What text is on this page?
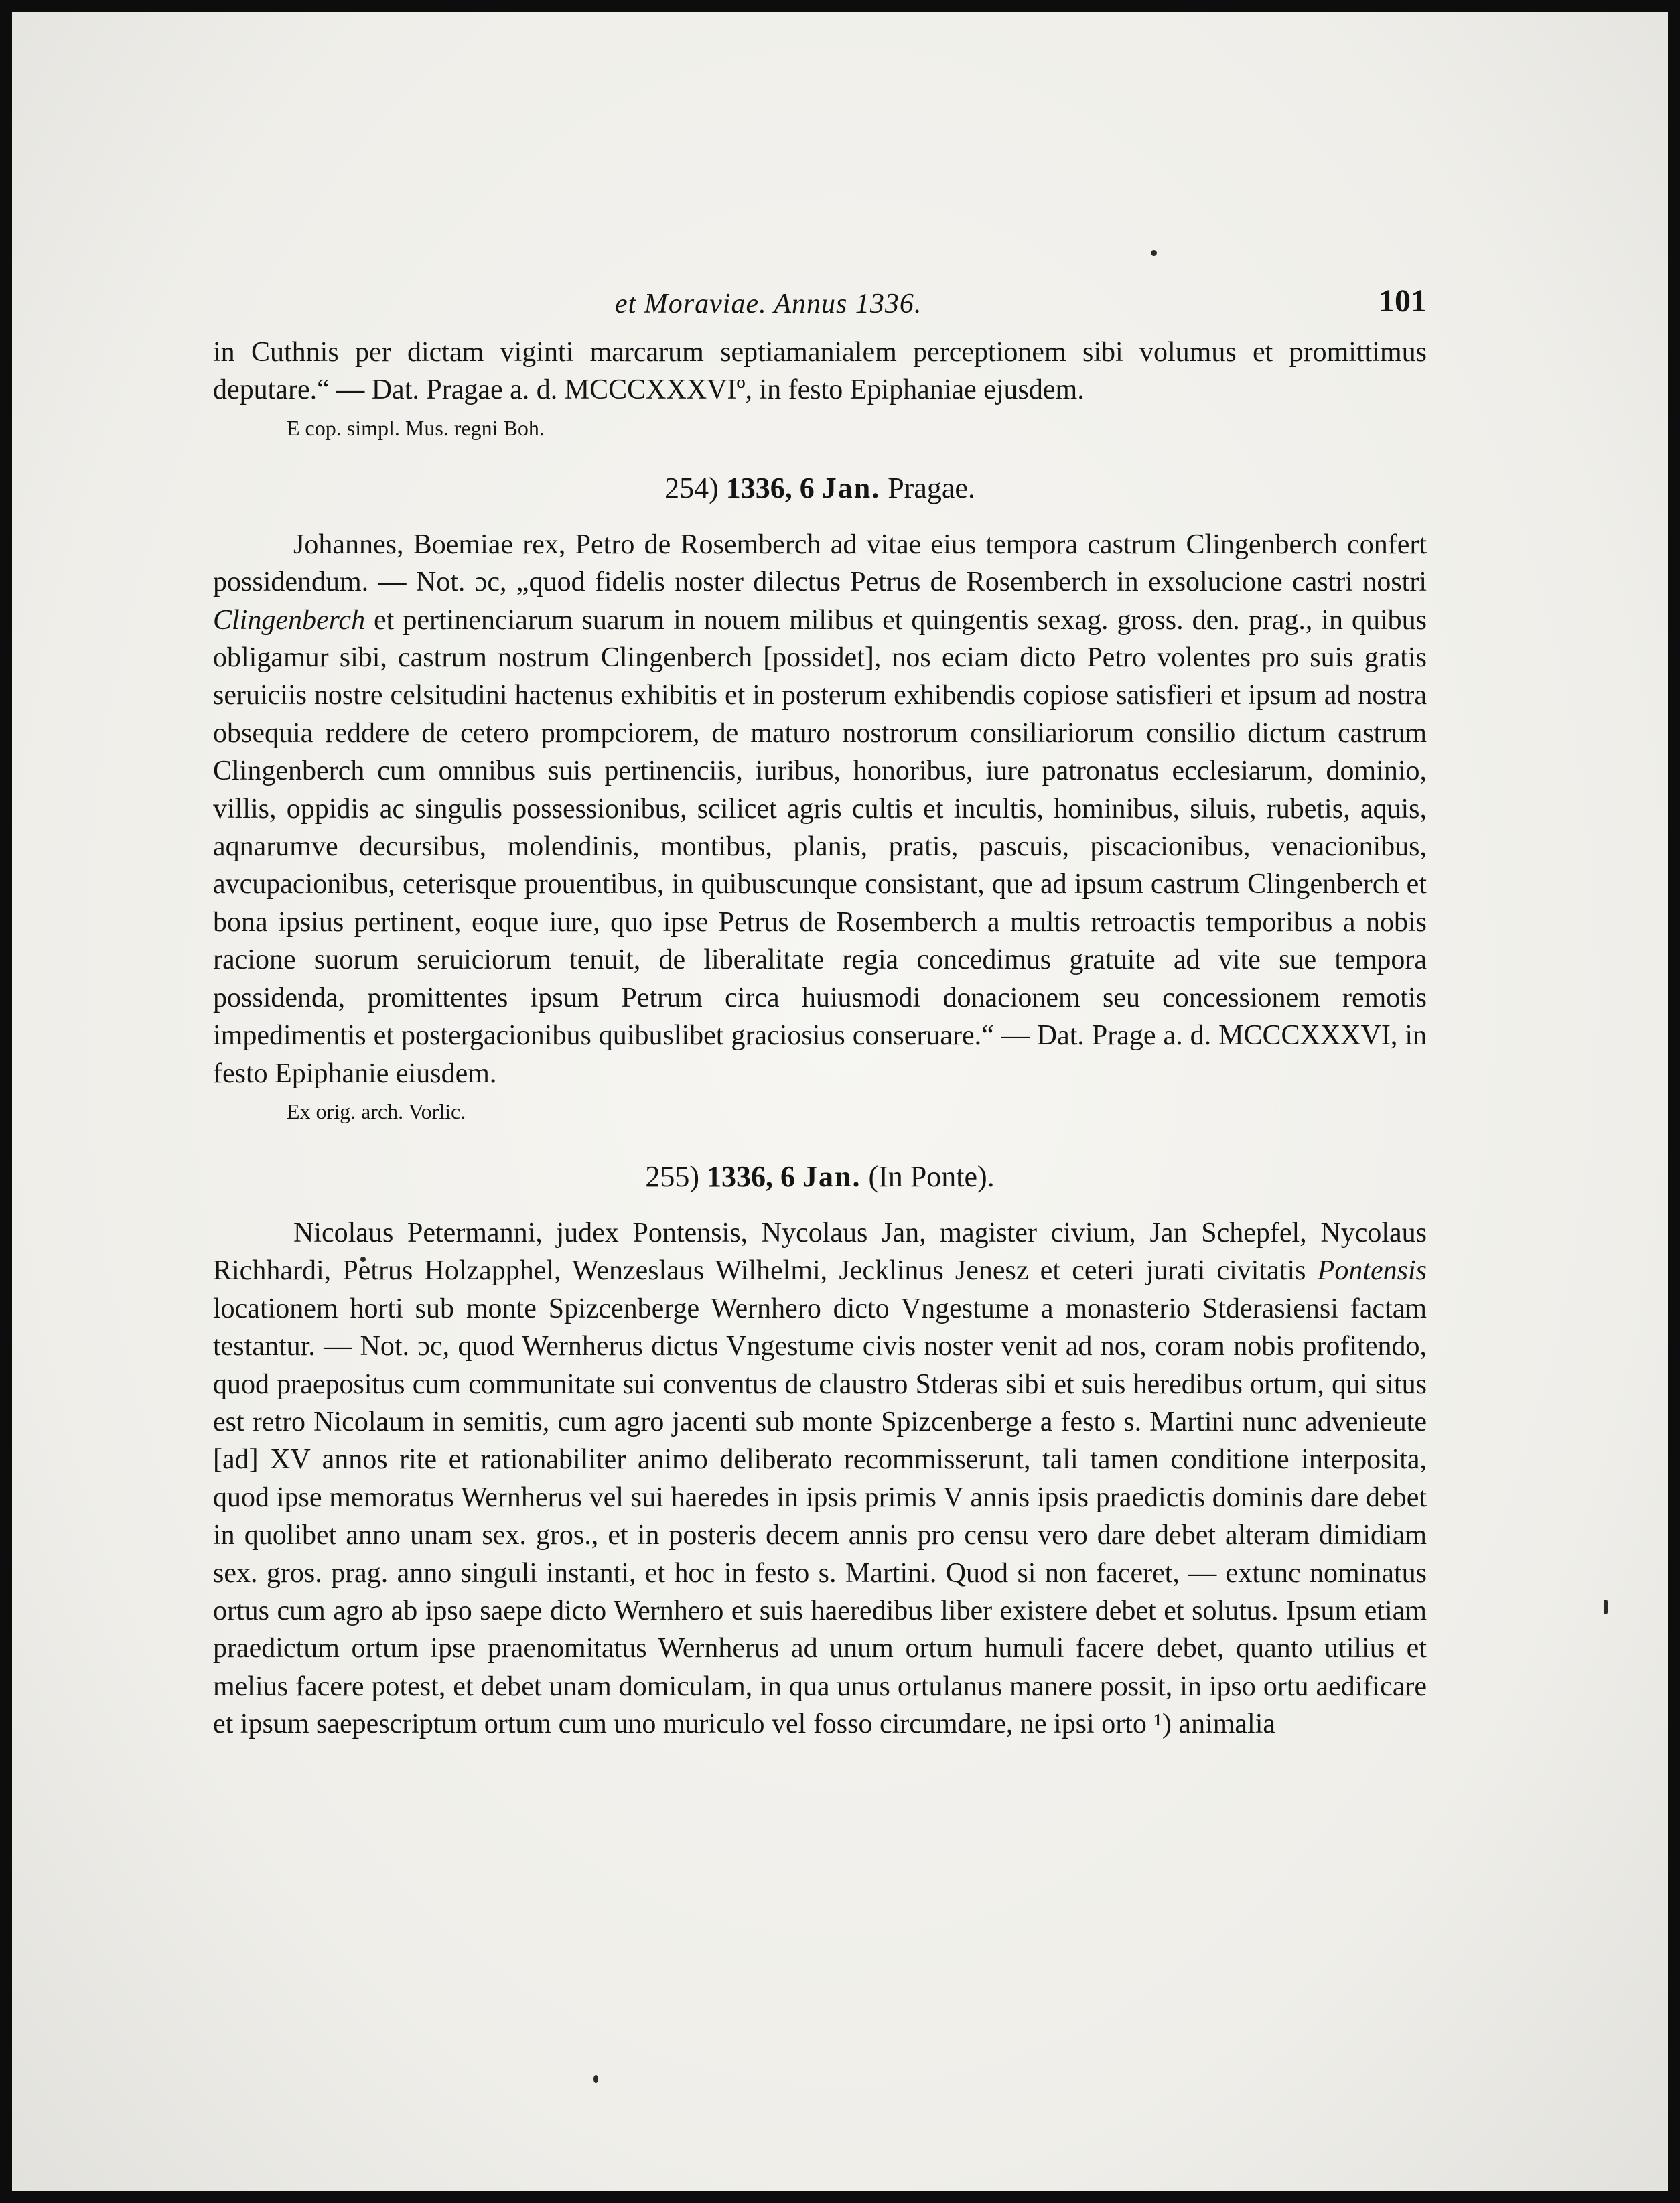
et Moraviae. Annus 1336.	101

in Cuthnis per dictam viginti marcarum septiamanialem perceptionem sibi volumus et promittimus deputare.“ — Dat. Pragae a. d. MCCCXXXVIº, in festo Epiphaniae ejusdem.

E cop. simpl. Mus. regni Boh.
254) 1336, 6 Jan. Pragae.

Johannes, Boemiae rex, Petro de Rosemberch ad vitae eius tempora castrum Clingenberch confert possidendum. — Not. ɔc, „quod fidelis noster dilectus Petrus de Rosemberch in exsolucione castri nostri Clingenberch et pertinenciarum suarum in nouem milibus et quingentis sexag. gross. den. prag., in quibus obligamur sibi, castrum nostrum Clingenberch [possidet], nos eciam dicto Petro volentes pro suis gratis seruiciis nostre celsitudini hactenus exhibitis et in posterum exhibendis copiose satisfieri et ipsum ad nostra obsequia reddere de cetero prompciorem, de maturo nostrorum consiliariorum consilio dictum castrum Clingenberch cum omnibus suis pertinenciis, iuribus, honoribus, iure patronatus ecclesiarum, dominio, villis, oppidis ac singulis possessionibus, scilicet agris cultis et incultis, hominibus, siluis, rubetis, aquis, aqnarumve decursibus, molendinis, montibus, planis, pratis, pascuis, piscacionibus, venacionibus, avcupacionibus, ceterisque prouentibus, in quibuscunque consistant, que ad ipsum castrum Clingenberch et bona ipsius pertinent, eoque iure, quo ipse Petrus de Rosemberch a multis retroactis temporibus a nobis racione suorum seruiciorum tenuit, de liberalitate regia concedimus gratuite ad vite sue tempora possidenda, promittentes ipsum Petrum circa huiusmodi donacionem seu concessionem remotis impedimentis et postergacionibus quibuslibet graciosius conseruare.“ — Dat. Prage a. d. MCCCXXXVI, in festo Epiphanie eiusdem.

Ex orig. arch. Vorlic.
255) 1336, 6 Jan. (In Ponte).

Nicolaus Petermanni, judex Pontensis, Nycolaus Jan, magister civium, Jan Schepfel, Nycolaus Richhardi, Petrus Holzapphel, Wenzeslaus Wilhelmi, Jecklinus Jenesz et ceteri jurati civitatis Pontensis locationem horti sub monte Spizcenberge Wernhero dicto Vngestume a monasterio Stderasiensi factam testantur. — Not. ɔc, quod Wernherus dictus Vngestume civis noster venit ad nos, coram nobis profitendo, quod praepositus cum communitate sui conventus de claustro Stderas sibi et suis heredibus ortum, qui situs est retro Nicolaum in semitis, cum agro jacenti sub monte Spizcenberge a festo s. Martini nunc advenieute [ad] XV annos rite et rationabiliter animo deliberato recommisserunt, tali tamen conditione interposita, quod ipse memoratus Wernherus vel sui haeredes in ipsis primis V annis ipsis praedictis dominis dare debet in quolibet anno unam sex. gros., et in posteris decem annis pro censu vero dare debet alteram dimidiam sex. gros. prag. anno singuli instanti, et hoc in festo s. Martini. Quod si non faceret, — extunc nominatus ortus cum agro ab ipso saepe dicto Wernhero et suis haeredibus liber existere debet et solutus. Ipsum etiam praedictum ortum ipse praenomitatus Wernherus ad unum ortum humuli facere debet, quanto utilius et melius facere potest, et debet unam domiculam, in qua unus ortulanus manere possit, in ipso ortu aedificare et ipsum saepescriptum ortum cum uno muriculo vel fosso circumdare, ne ipsi orto ¹) animalia
